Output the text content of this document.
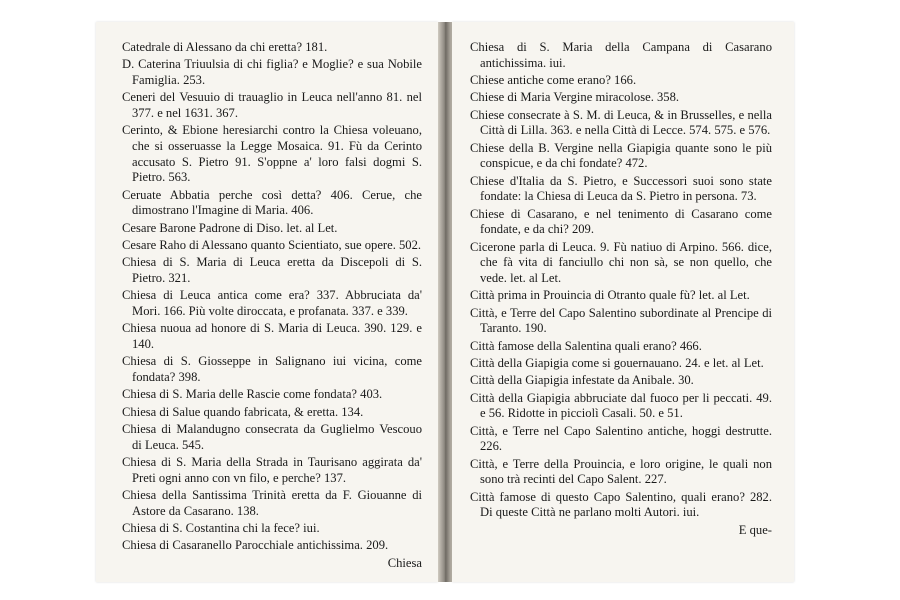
Catedrale di Alessano da chi eretta? 181.

D. Caterina Triuulsia di chi figlia? e Moglie? e sua Nobile Famiglia. 253.

Ceneri del Vesuuio di trauaglio in Leuca nell'anno 81. nel 377. e nel 1631. 367.

Cerinto, & Ebione heresiarchi contro la Chiesa voleuano, che si osseruasse la Legge Mosaica. 91. Fù da Cerinto accusato S. Pietro 91. S'oppne a' loro falsi dogmi S. Pietro. 563.

Ceruate Abbatia perche così detta? 406. Cerue, che dimostrano l'Imagine di Maria. 406.

Cesare Barone Padrone di Diso. let. al Let.

Cesare Raho di Alessano quanto Scientiato, sue opere. 502.

Chiesa di S. Maria di Leuca eretta da Discepoli di S. Pietro. 321.

Chiesa di Leuca antica come era? 337. Abbruciata da' Mori. 166. Più volte diroccata, e profanata. 337. e 339.

Chiesa nuoua ad honore di S. Maria di Leuca. 390. 129. e 140.

Chiesa di S. Giosseppe in Salignano iui vicina, come fondata? 398.

Chiesa di S. Maria delle Rascie come fondata? 403.

Chiesa di Salue quando fabricata, & eretta. 134.

Chiesa di Malandugno consecrata da Guglielmo Vescouo di Leuca. 545.

Chiesa di S. Maria della Strada in Taurisano aggirata da' Preti ogni anno con vn filo, e perche? 137.

Chiesa della Santissima Trinità eretta da F. Giouanne di Astore da Casarano. 138.

Chiesa di S. Costantina chi la fece? iui.

Chiesa di Casaranello Parocchiale antichissima. 209.

Chiesa

Chiesa di S. Maria della Campana di Casarano antichissima. iui.

Chiese antiche come erano? 166.

Chiese di Maria Vergine miracolose. 358.

Chiese consecrate à S. M. di Leuca, & in Brusselles, e nella Città di Lilla. 363. e nella Città di Lecce. 574. 575. e 576.

Chiese della B. Vergine nella Giapigia quante sono le più conspicue, e da chi fondate? 472.

Chiese d'Italia da S. Pietro, e Successori suoi sono state fondate: la Chiesa di Leuca da S. Pietro in persona. 73.

Chiese di Casarano, e nel tenimento di Casarano come fondate, e da chi? 209.

Cicerone parla di Leuca. 9. Fù natiuo di Arpino. 566. dice, che fà vita di fanciullo chi non sà, se non quello, che vede. let. al Let.

Città prima in Prouincia di Otranto quale fù? let. al Let.

Città, e Terre del Capo Salentino subordinate al Prencipe di Taranto. 190.

Città famose della Salentina quali erano? 466.

Città della Giapigia come si gouernauano. 24. e let. al Let.

Città della Giapigia infestate da Anibale. 30.

Città della Giapigia abbruciate dal fuoco per li peccati. 49. e 56. Ridotte in picciolì Casali. 50. e 51.

Città, e Terre nel Capo Salentino antiche, hoggi destrutte. 226.

Città, e Terre della Prouincia, e loro origine, le quali non sono trà recinti del Capo Salent. 227.

Città famose di questo Capo Salentino, quali erano? 282. Di queste Città ne parlano molti Autori. iui.

E que-
